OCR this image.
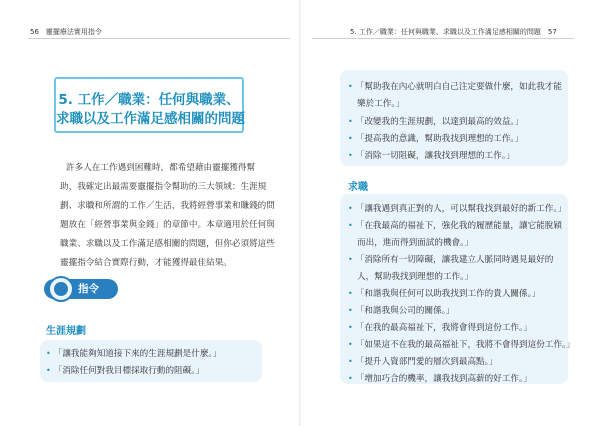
56　靈擺療法實用指令
5. 工作／職業：任何與職業、
求職以及工作滿足感相關的問題
許多人在工作遇到困難時，都希望藉由靈擺獲得幫
助，我確定出最需要靈擺指令幫助的三大領域：生涯規
劃、求職和所謂的工作／生活，我將經營事業和賺錢的問
題放在「經營事業與金錢」的章節中。本章適用於任何與
職業、求職以及工作滿足感相關的問題，但你必須將這些
靈擺指令結合實際行動，才能獲得最佳結果。
指令
生涯規劃
• 「讓我能夠知道接下來的生涯規劃是什麼。」
• 「消除任何對我目標採取行動的阻礙。」
5. 工作／職業：任何與職業、求職以及工作滿足感相關的問題　57
• 「幫助我在內心就明白自己注定要做什麼，如此我才能
樂於工作。」
• 「改變我的生涯規劃，以達到最高的效益。」
• 「提高我的意識，幫助我找到理想的工作。」
• 「消除一切阻礙，讓我找到理想的工作。」
求職
• 「讓我遇到真正對的人，可以幫我找到最好的新工作。」
• 「在我最高的福祉下，強化我的履歷能量，讓它能脫穎
而出，進而得到面試的機會。」
• 「消除所有一切障礙，讓我建立人脈同時遇見最好的
人，幫助我找到理想的工作。」
• 「和諧我與任何可以助我找到工作的貴人關係。」
• 「和諧我與公司的關係。」
• 「在我的最高福祉下，我將會得到這份工作。」
• 「如果這不在我的最高福祉下，我將不會得到這份工作。」
• 「提升人資部門愛的層次到最高點。」
• 「增加巧合的機率，讓我找到高薪的好工作。」
